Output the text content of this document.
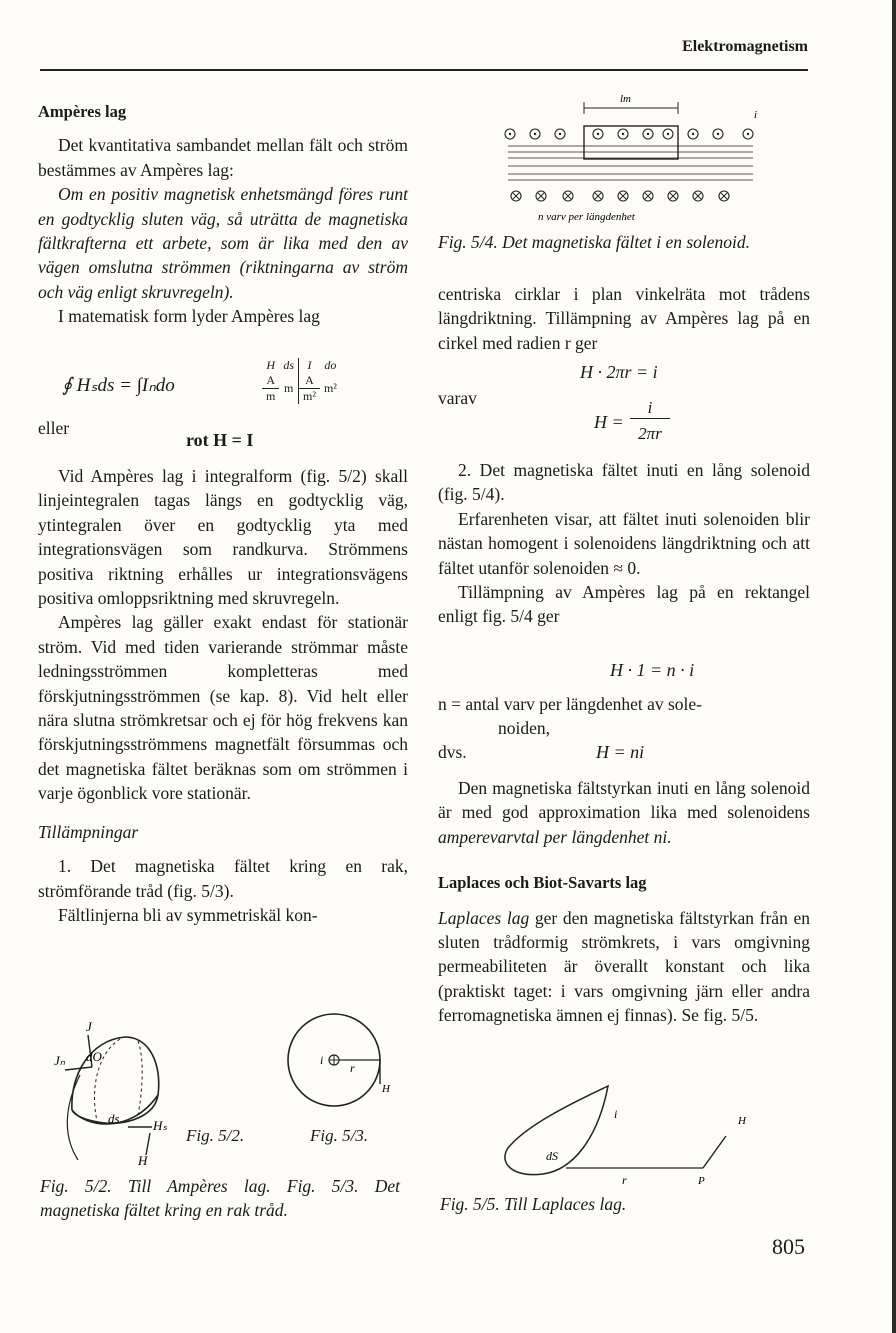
Elektromagnetism
Ampères lag

Det kvantitativa sambandet mellan fält och ström bestämmes av Ampères lag:

Om en positiv magnetisk enhetsmängd föres runt en godtycklig sluten väg, så uträtta de magnetiska fältkrafterna ett arbete, som är lika med den av vägen omslutna strömmen (riktningarna av ström och väg enligt skruvregeln).

I matematisk form lyder Ampères lag

∮ Hₛds = ∫Iₙdo
H	ds	I	do
A	m	A	m²
m		m²	
eller
rot H = I

Vid Ampères lag i integralform (fig. 5/2) skall linjeintegralen tagas längs en godtycklig väg, ytintegralen över en godtycklig yta med integrationsvägen som randkurva. Strömmens positiva riktning erhålles ur integrationsvägens positiva omloppsriktning med skruvregeln.

Ampères lag gäller exakt endast för stationär ström. Vid med tiden varierande strömmar måste ledningsströmmen kompletteras med förskjutningsströmmen (se kap. 8). Vid helt eller nära slutna strömkretsar och ej för hög frekvens kan förskjutningsströmmens magnetfält försummas och det magnetiska fältet beräknas som om strömmen i varje ögonblick vore stationär.

Tillämpningar

1. Det magnetiska fältet kring en rak, strömförande tråd (fig. 5/3).

Fältlinjerna bli av symmetriskäl kon-

J
Jₙ dO
ds	Hₛ
H
Fig. 5/2.
i
r
H
Fig. 5/3.
Fig. 5/2. Till Ampères lag. Fig. 5/3. Det magnetiska fältet kring en rak tråd.
lm
i
n varv per längdenhet
Fig. 5/4. Det magnetiska fältet i en solenoid.

centriska cirklar i plan vinkelräta mot trådens längdriktning. Tillämpning av Ampères lag på en cirkel med radien r ger

H · 2πr = i
varav
H =
i
2πr

2. Det magnetiska fältet inuti en lång solenoid (fig. 5/4).

Erfarenheten visar, att fältet inuti solenoiden blir nästan homogent i solenoidens längdriktning och att fältet utanför solenoiden ≈ 0.

Tillämpning av Ampères lag på en rektangel enligt fig. 5/4 ger

H · 1 = n · i
n = antal varv per längdenhet av sole-
noiden,
dvs.	H = ni

Den magnetiska fältstyrkan inuti en lång solenoid är med god approximation lika med solenoidens amperevarvtal per längdenhet ni.

Laplaces och Biot-Savarts lag

Laplaces lag ger den magnetiska fältstyrkan från en sluten trådformig strömkrets, i vars omgivning permeabiliteten är överallt konstant och lika (praktiskt taget: i vars omgivning järn eller andra ferromagnetiska ämnen ej finnas). Se fig. 5/5.

i
dS
r
H
P
Fig. 5/5. Till Laplaces lag.
805
